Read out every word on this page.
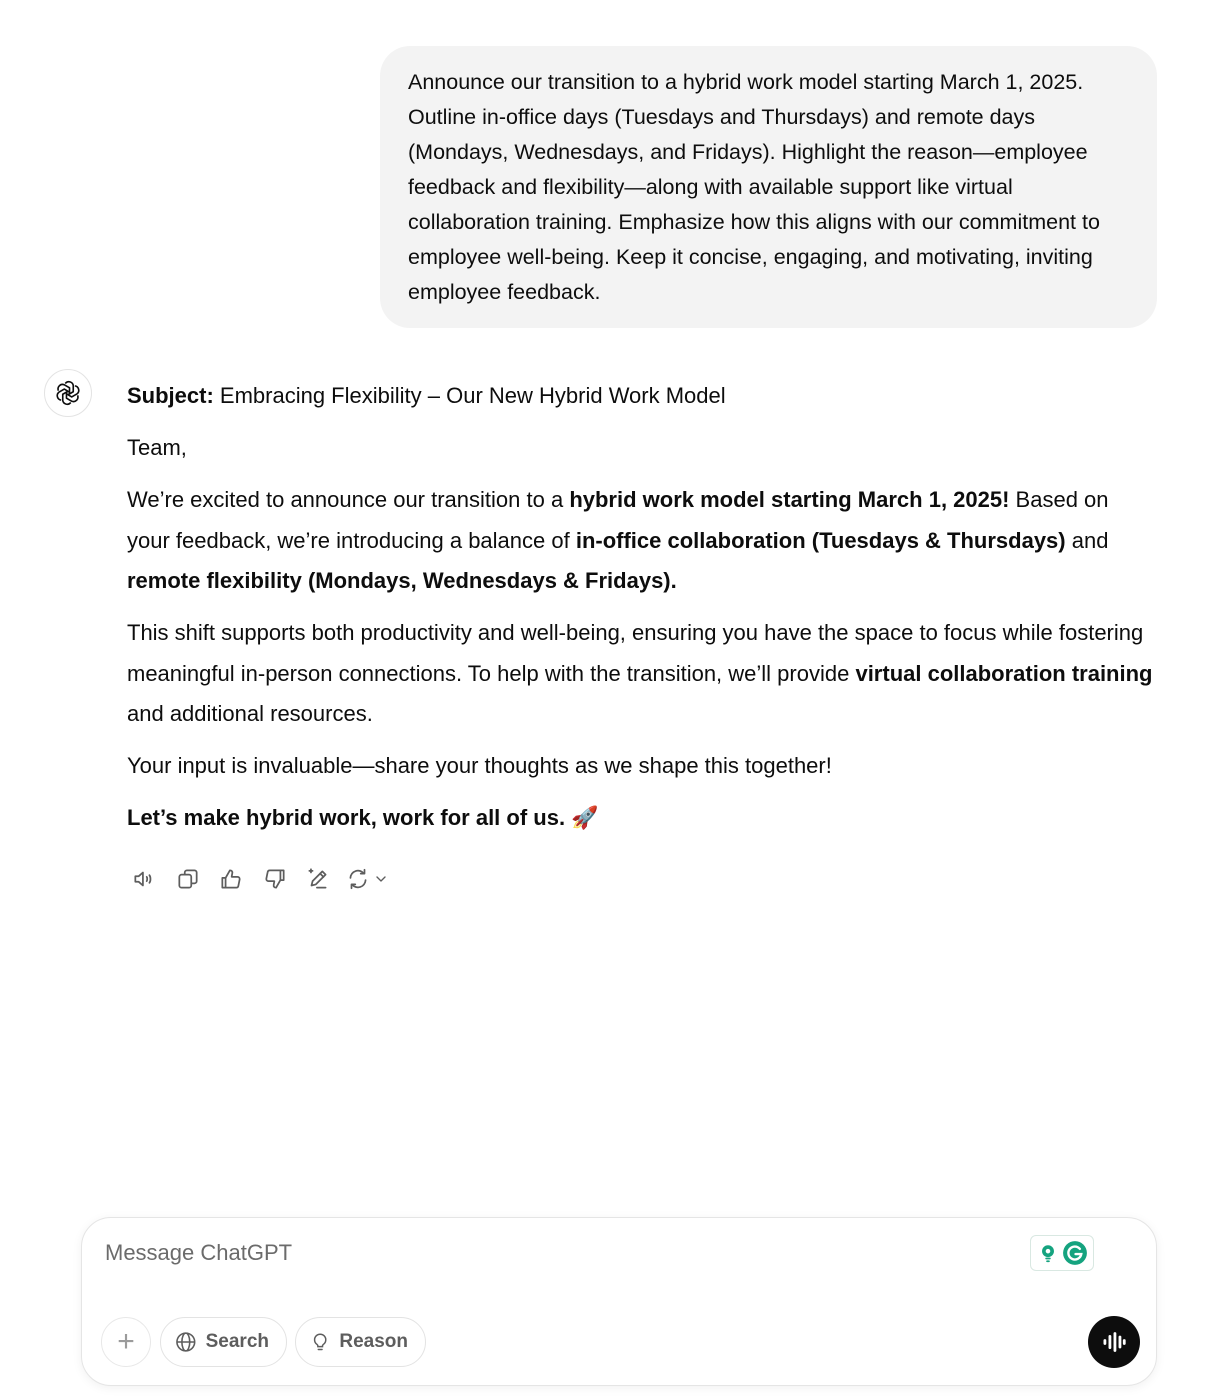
Announce our transition to a hybrid work model starting March 1, 2025. Outline in-office days (Tuesdays and Thursdays) and remote days (Mondays, Wednesdays, and Fridays). Highlight the reason—employee feedback and flexibility—along with available support like virtual collaboration training. Emphasize how this aligns with our commitment to employee well-being. Keep it concise, engaging, and motivating, inviting employee feedback.

Subject: Embracing Flexibility – Our New Hybrid Work Model

Team,

We’re excited to announce our transition to a hybrid work model starting March 1, 2025! Based on your feedback, we’re introducing a balance of in-office collaboration (Tuesdays & Thursdays) and remote flexibility (Mondays, Wednesdays & Fridays).

This shift supports both productivity and well-being, ensuring you have the space to focus while fostering meaningful in-person connections. To help with the transition, we’ll provide virtual collaboration training and additional resources.

Your input is invaluable—share your thoughts as we shape this together!

Let’s make hybrid work, work for all of us. 🚀

Message ChatGPT
+	Search	Reason
